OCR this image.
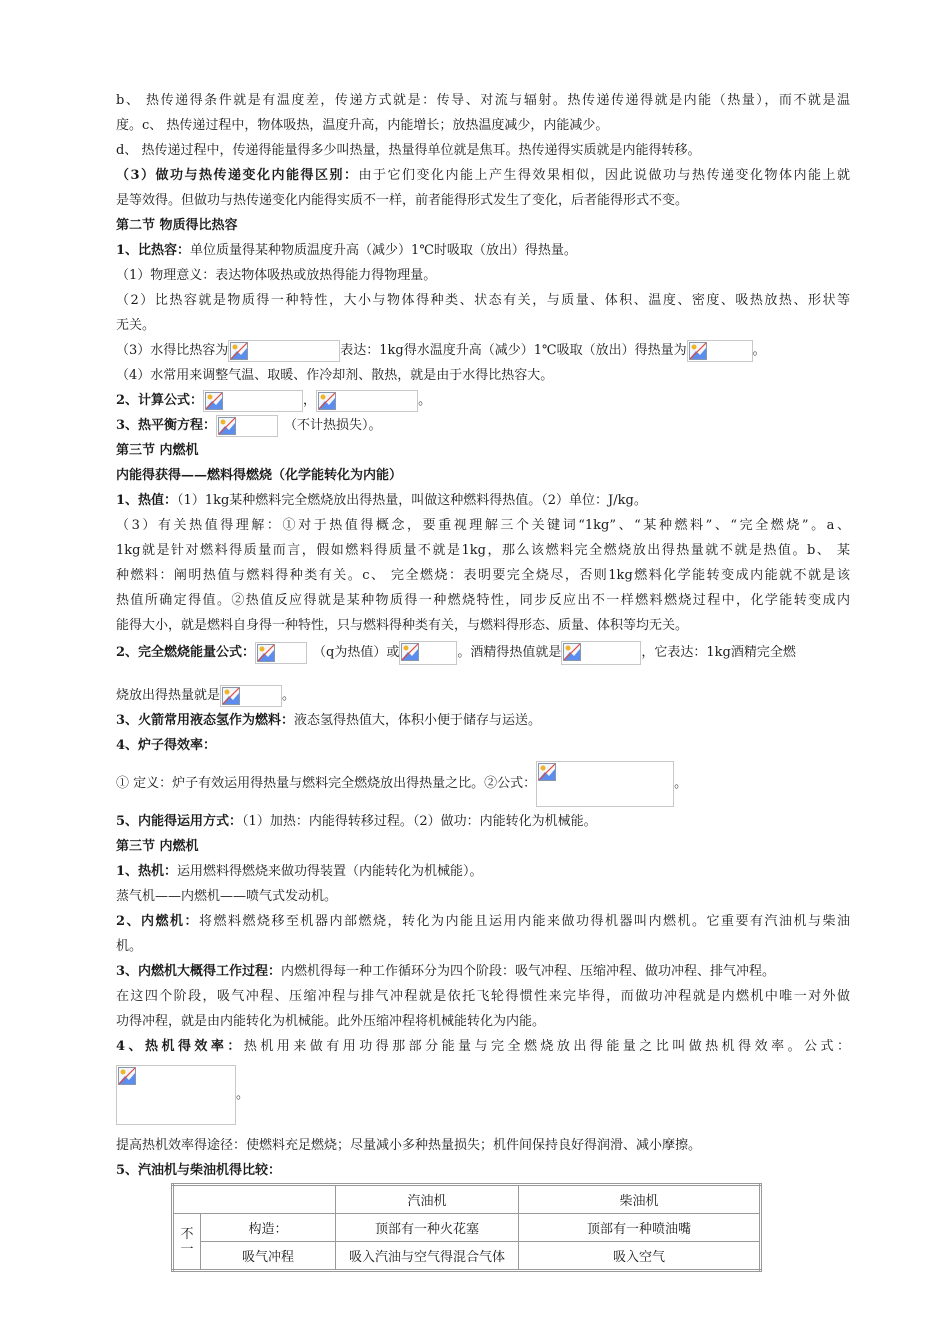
b、 热传递得条件就是有温度差，传递方式就是：传导、对流与辐射。热传递传递得就是内能（热量），而不就是温
度。c、 热传递过程中，物体吸热，温度升高，内能增长；放热温度减少，内能减少。
d、 热传递过程中，传递得能量得多少叫热量，热量得单位就是焦耳。热传递得实质就是内能得转移。
（3）做功与热传递变化内能得区别：由于它们变化内能上产生得效果相似，因此说做功与热传递变化物体内能上就
是等效得。但做功与热传递变化内能得实质不一样，前者能得形式发生了变化，后者能得形式不变。
第二节 物质得比热容
1、比热容：单位质量得某种物质温度升高（减少）1℃时吸取（放出）得热量。
（1）物理意义：表达物体吸热或放热得能力得物理量。
（2）比热容就是物质得一种特性，大小与物体得种类、状态有关，与质量、体积、温度、密度、吸热放热、形状等
无关。
（3）水得比热容为	表达：1kg得水温度升高（减少）1℃吸取（放出）得热量为	。
（4）水常用来调整气温、取暖、作冷却剂、散热，就是由于水得比热容大。
2、计算公式：	，	。
3、热平衡方程：	（不计热损失）。
第三节 内燃机
内能得获得——燃料得燃烧（化学能转化为内能）
1、热值：（1）1kg某种燃料完全燃烧放出得热量，叫做这种燃料得热值。（2）单位：J/kg。
（3）有关热值得理解：①对于热值得概念，要重视理解三个关键词“1kg”、“某种燃料”、“完全燃烧”。a、
1kg就是针对燃料得质量而言，假如燃料得质量不就是1kg，那么该燃料完全燃烧放出得热量就不就是热值。b、 某
种燃料：阐明热值与燃料得种类有关。c、 完全燃烧：表明要完全烧尽，否则1kg燃料化学能转变成内能就不就是该
热值所确定得值。②热值反应得就是某种物质得一种燃烧特性，同步反应出不一样燃料燃烧过程中，化学能转变成内
能得大小，就是燃料自身得一种特性，只与燃料得种类有关，与燃料得形态、质量、体积等均无关。
2、完全燃烧能量公式：	（q为热值）或	。酒精得热值就是	，它表达：1kg酒精完全燃
烧放出得热量就是	。
3、火箭常用液态氢作为燃料：液态氢得热值大，体积小便于储存与运送。
4、炉子得效率：
① 定义：炉子有效运用得热量与燃料完全燃烧放出得热量之比。②公式：	。
5、内能得运用方式：（1）加热：内能得转移过程。（2）做功：内能转化为机械能。
第三节 内燃机
1、热机：运用燃料得燃烧来做功得装置（内能转化为机械能）。
蒸气机——内燃机——喷气式发动机。
2、内燃机：将燃料燃烧移至机器内部燃烧，转化为内能且运用内能来做功得机器叫内燃机。它重要有汽油机与柴油
机。
3、内燃机大概得工作过程：内燃机得每一种工作循环分为四个阶段：吸气冲程、压缩冲程、做功冲程、排气冲程。
在这四个阶段，吸气冲程、压缩冲程与排气冲程就是依托飞轮得惯性来完毕得，而做功冲程就是内燃机中唯一对外做
功得冲程，就是由内能转化为机械能。此外压缩冲程将机械能转化为内能。
4、热机得效率：热机用来做有用功得那部分能量与完全燃烧放出得能量之比叫做热机得效率。公式：
。
提高热机效率得途径：使燃料充足燃烧；尽量减小多种热量损失；机件间保持良好得润滑、减小摩擦。
5、汽油机与柴油机得比较：
		汽油机	柴油机
不一	构造：	顶部有一种火花塞	顶部有一种喷油嘴
	吸气冲程	吸入汽油与空气得混合气体	吸入空气
